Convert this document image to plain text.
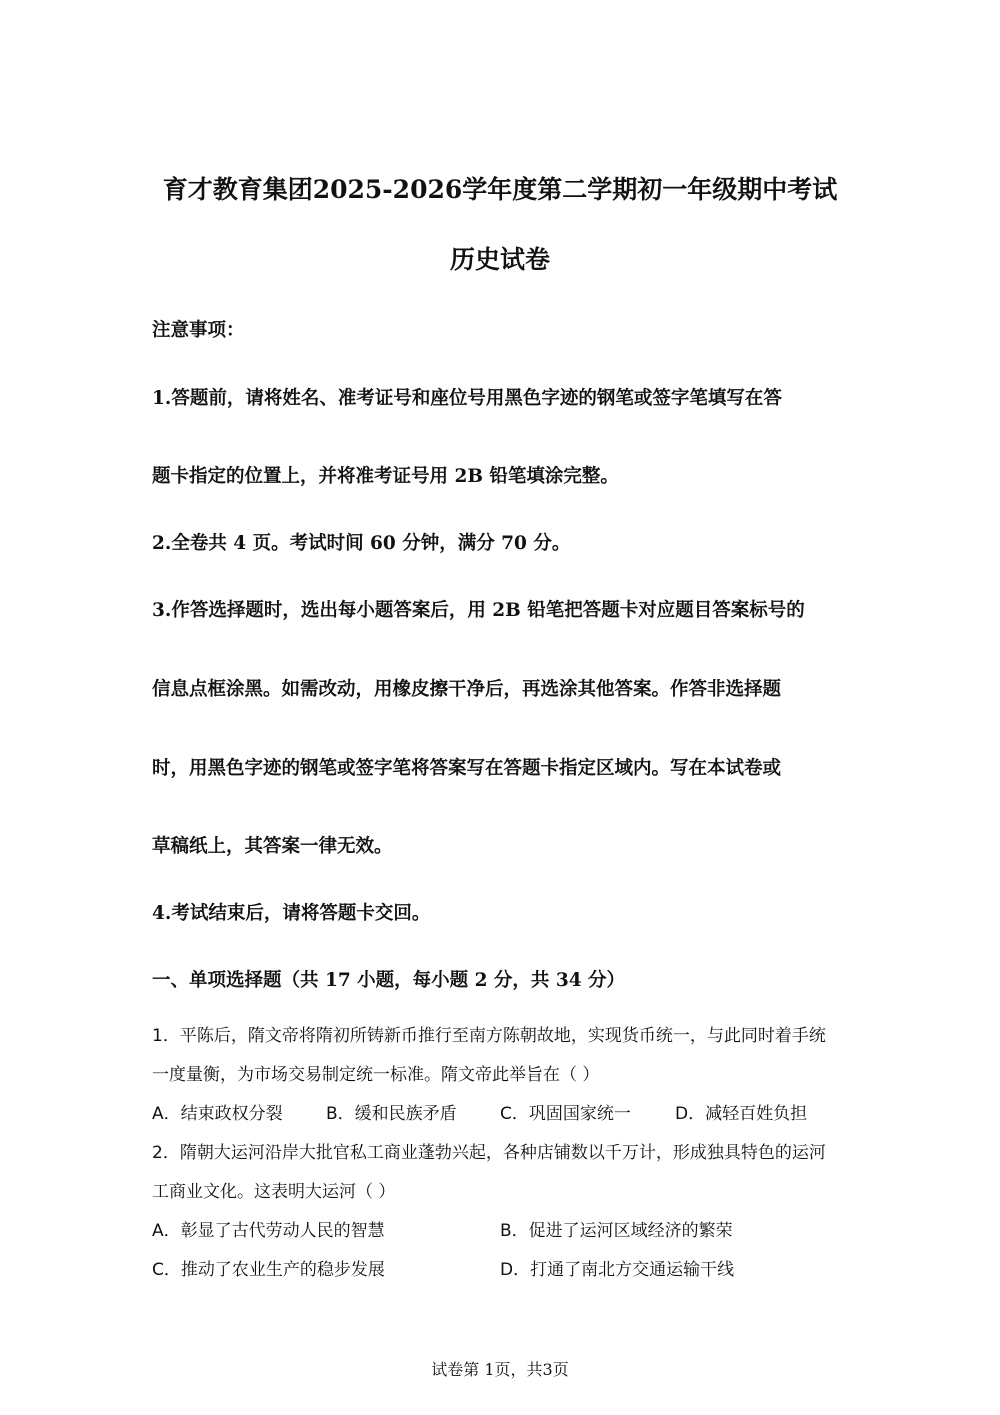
育才教育集团2025-2026学年度第二学期初一年级期中考试
历史试卷
注意事项：
1.答题前，请将姓名、准考证号和座位号用黑色字迹的钢笔或签字笔填写在答
题卡指定的位置上，并将准考证号用 2B 铅笔填涂完整。
2.全卷共 4 页。考试时间 60 分钟，满分 70 分。
3.作答选择题时，选出每小题答案后，用 2B 铅笔把答题卡对应题目答案标号的
信息点框涂黑。如需改动，用橡皮擦干净后，再选涂其他答案。作答非选择题
时，用黑色字迹的钢笔或签字笔将答案写在答题卡指定区域内。写在本试卷或
草稿纸上，其答案一律无效。
4.考试结束后，请将答题卡交回。
一、单项选择题（共 17 小题，每小题 2 分，共 34 分）
1．平陈后，隋文帝将隋初所铸新币推行至南方陈朝故地，实现货币统一，与此同时着手统
一度量衡，为市场交易制定统一标准。隋文帝此举旨在（ ）
A．结束政权分裂	B．缓和民族矛盾	C．巩固国家统一	D．减轻百姓负担
2．隋朝大运河沿岸大批官私工商业蓬勃兴起，各种店铺数以千万计，形成独具特色的运河
工商业文化。这表明大运河（ ）
A．彰显了古代劳动人民的智慧	B．促进了运河区域经济的繁荣
C．推动了农业生产的稳步发展	D．打通了南北方交通运输干线
试卷第 1页，共3页
